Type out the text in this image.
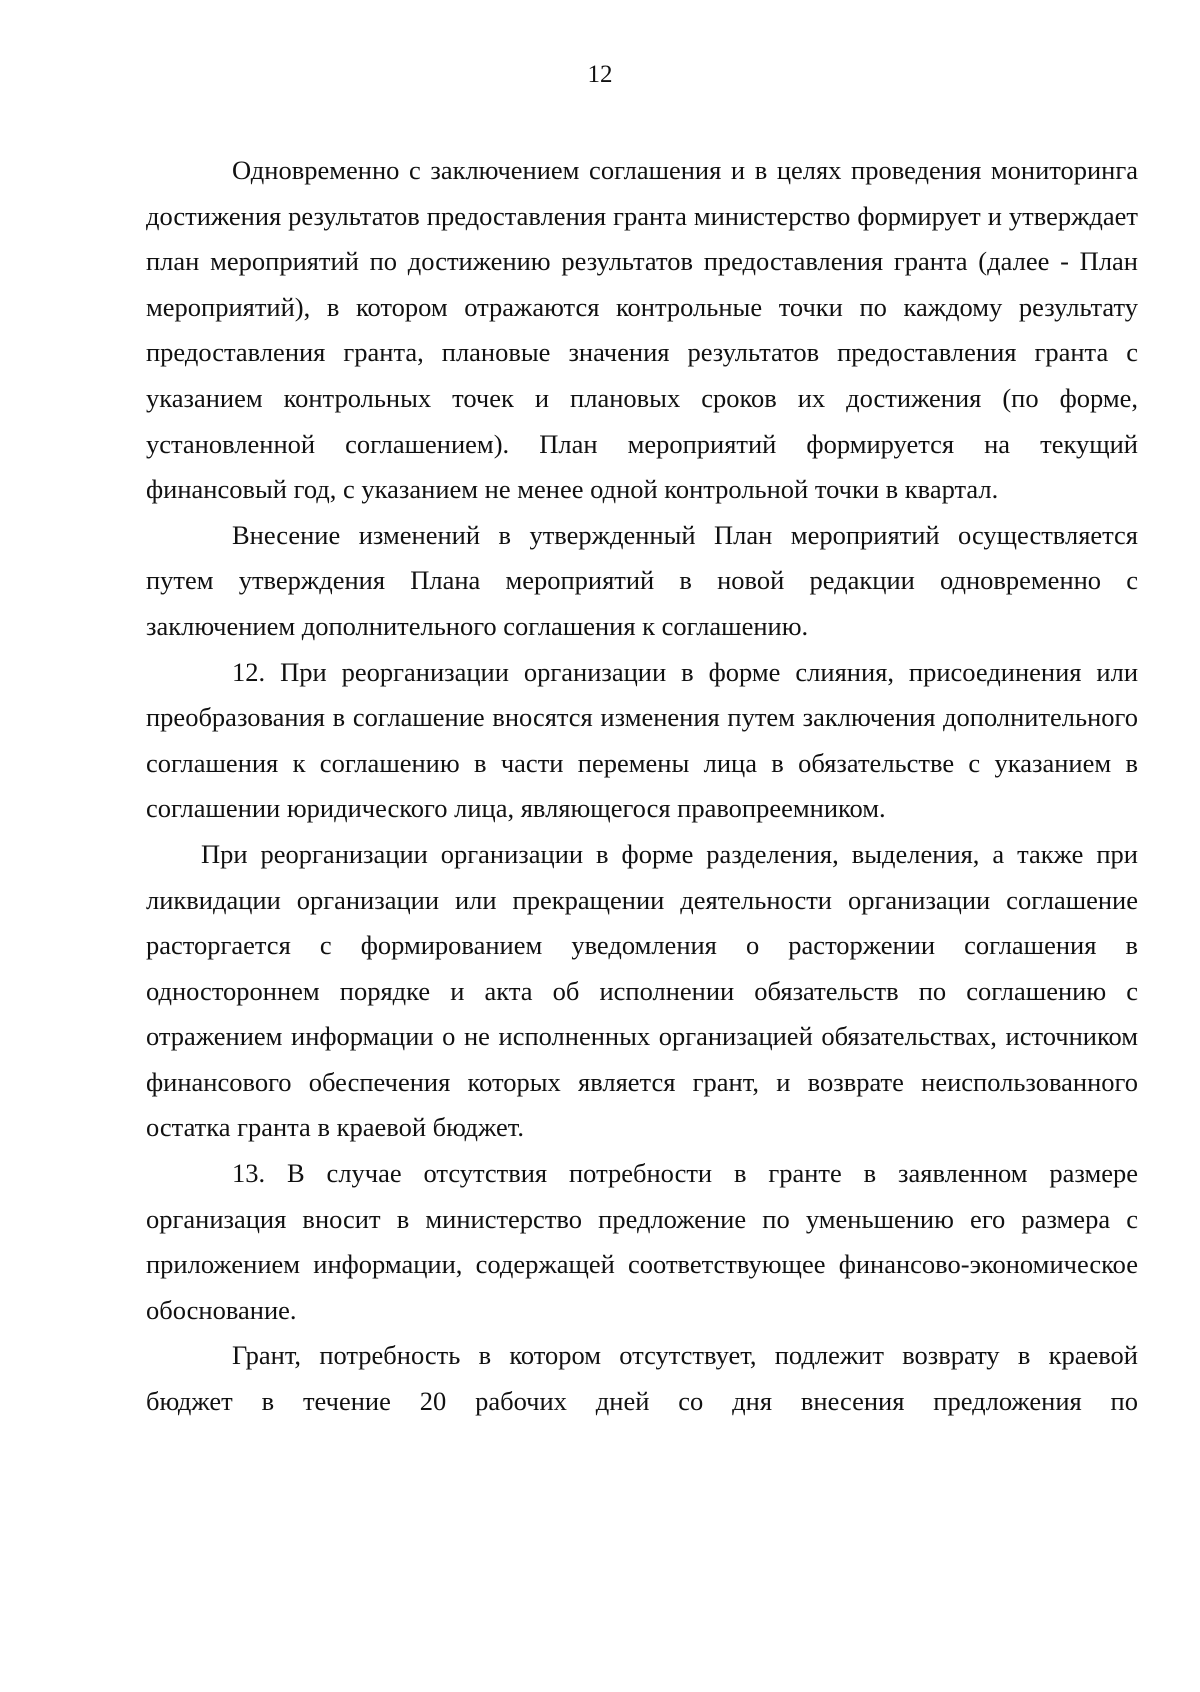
12

Одновременно с заключением соглашения и в целях проведения мониторинга достижения результатов предоставления гранта министерство формирует и утверждает план мероприятий по достижению результатов предоставления гранта (далее - План мероприятий), в котором отражаются контрольные точки по каждому результату предоставления гранта, плановые значения результатов предоставления гранта с указанием контрольных точек и плановых сроков их достижения (по форме, установленной соглашением). План мероприятий формируется на текущий финансовый год, с указанием не менее одной контрольной точки в квартал.

Внесение изменений в утвержденный План мероприятий осуществляется путем утверждения Плана мероприятий в новой редакции одновременно с заключением дополнительного соглашения к соглашению.

12. При реорганизации организации в форме слияния, присоединения или преобразования в соглашение вносятся изменения путем заключения дополнительного соглашения к соглашению в части перемены лица в обязательстве с указанием в соглашении юридического лица, являющегося правопреемником.

При реорганизации организации в форме разделения, выделения, а также при ликвидации организации или прекращении деятельности организации соглашение расторгается с формированием уведомления о расторжении соглашения в одностороннем порядке и акта об исполнении обязательств по соглашению с отражением информации о не исполненных организацией обязательствах, источником финансового обеспечения которых является грант, и возврате неиспользованного остатка гранта в краевой бюджет.

13. В случае отсутствия потребности в гранте в заявленном размере организация вносит в министерство предложение по уменьшению его размера с приложением информации, содержащей соответствующее финансово-экономическое обоснование.

Грант, потребность в котором отсутствует, подлежит возврату в краевой бюджет в течение 20 рабочих дней со дня внесения предложения по
